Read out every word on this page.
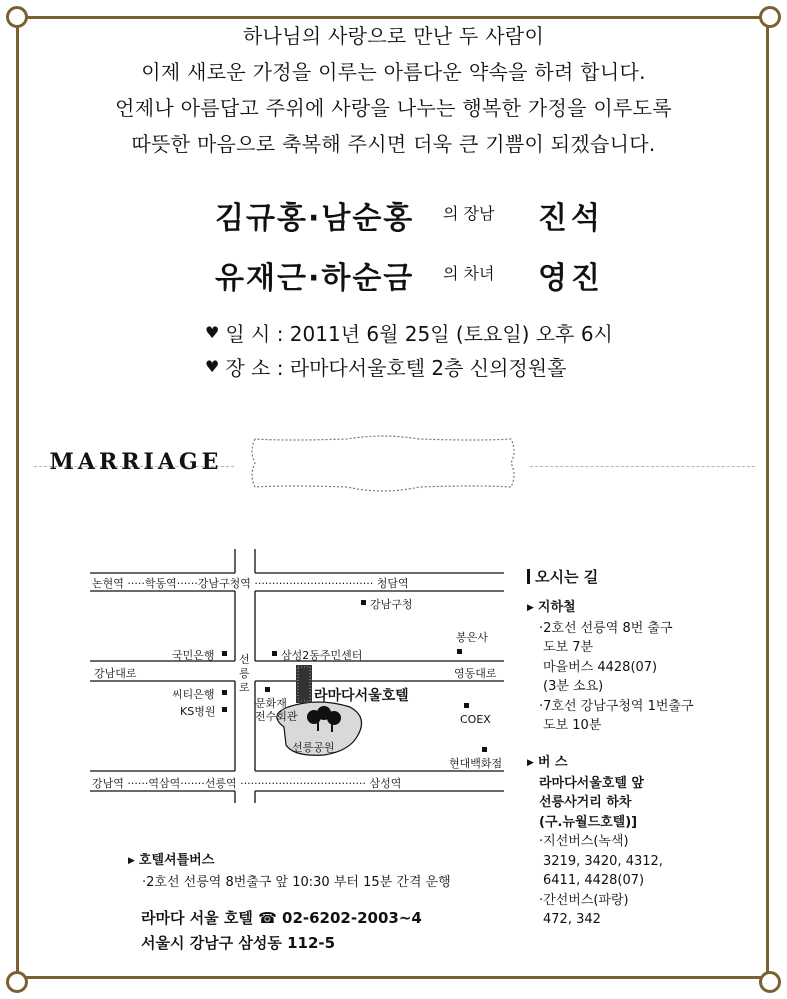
하나님의 사랑으로 만난 두 사람이
이제 새로운 가정을 이루는 아름다운 약속을 하려 합니다.
언제나 아름답고 주위에 사랑을 나누는 행복한 가정을 이루도록
따뜻한 마음으로 축복해 주시면 더욱 큰 기쁨이 되겠습니다.
김규홍·남순홍 의 장남 진석
유재근·하순금 의 차녀 영진
♥ 일 시 : 2011년 6월 25일 (토요일) 오후 6시
♥ 장 소 : 라마다서울호텔 2층 신의정원홀
MARRIAGE
논현역 ·····학동역······강남구청역 ·································· 청담역
강남대로	영동대로
강남역 ······역삼역·······선릉역 ···································· 삼성역
선
릉
로
강남구청
삼성2동주민센터
봉은사
국민은행
씨티은행
KS병원
문화재
전수회관
라마다서울호텔
COEX
선릉공원
현대백화점
오시는 길
▶ 지하철
·2호선 선릉역 8번 출구
도보 7분
마을버스 4428(07)
(3분 소요)
·7호선 강남구청역 1번출구
도보 10분
▶ 버 스
라마다서울호텔 앞
선릉사거리 하차
(구.뉴월드호텔)]
·지선버스(녹색)
3219, 3420, 4312,
6411, 4428(07)
·간선버스(파랑)
472, 342
▶ 호텔셔틀버스
·2호선 선릉역 8번출구 앞 10:30 부터 15분 간격 운행
라마다 서울 호텔 ☎ 02-6202-2003~4
서울시 강남구 삼성동 112-5
